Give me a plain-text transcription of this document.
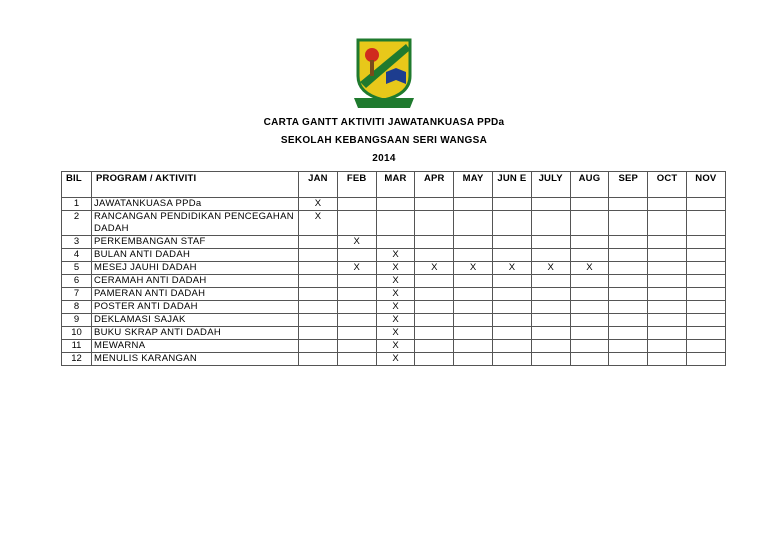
CARTA GANTT AKTIVITI JAWATANKUASA PPDa
SEKOLAH KEBANGSAAN SERI WANGSA
2014
BIL	PROGRAM / AKTIVITI	JAN	FEB	MAR	APR	MAY	JUN E	JULY	AUG	SEP	OCT	NOV
1	JAWATANKUASA PPDa	X										
2	RANCANGAN PENDIDIKAN PENCEGAHAN DADAH	X										
3	PERKEMBANGAN STAF		X									
4	BULAN ANTI DADAH			X								
5	MESEJ JAUHI DADAH		X	X	X	X	X	X	X			
6	CERAMAH ANTI DADAH			X								
7	PAMERAN ANTI DADAH			X								
8	POSTER ANTI DADAH			X								
9	DEKLAMASI SAJAK			X								
10	BUKU SKRAP ANTI DADAH			X								
11	MEWARNA			X								
12	MENULIS KARANGAN			X								
